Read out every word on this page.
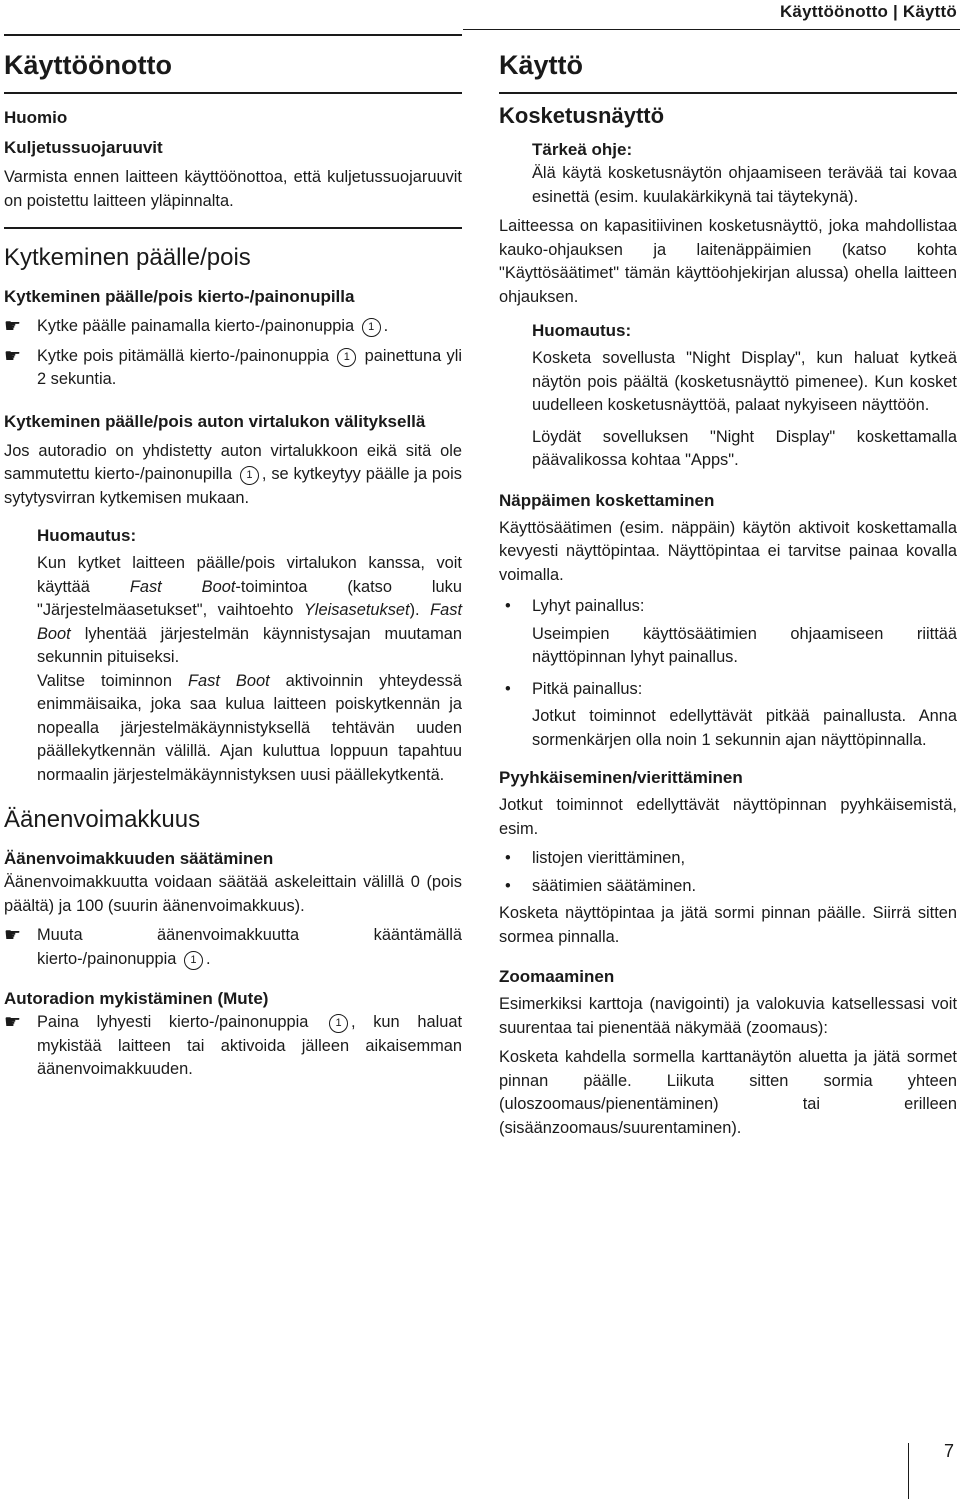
Käyttöönotto | Käyttö
Käyttöönotto
Huomio
Kuljetussuojaruuvit

Varmista ennen laitteen käyttöönottoa, että kuljetussuojaruuvit on poistettu laitteen yläpinnalta.

Kytkeminen päälle/pois
Kytkeminen päälle/pois kierto-/painonupilla

☛ Kytke päälle painamalla kierto-/painonuppia 1 .

☛ Kytke pois pitämällä kierto-/painonuppia 1 painettuna yli 2 sekuntia.

Kytkeminen päälle/pois auton virtalukon välityksellä

Jos autoradio on yhdistetty auton virtalukkoon eikä sitä ole sammutettu kierto-/painonupilla 1 , se kytkeytyy päälle ja pois sytytysvirran kytkemisen mukaan.

Huomautus:

Kun kytket laitteen päälle/pois virtalukon kanssa, voit käyttää Fast Boot-toimintoa (katso luku "Järjestelmäasetukset", vaihtoehto Yleisasetukset). Fast Boot lyhentää järjestelmän käynnistysajan muutaman sekunnin pituiseksi.

Valitse toiminnon Fast Boot aktivoinnin yhteydessä enimmäisaika, joka saa kulua laitteen poiskytkennän ja nopealla järjestelmäkäynnistyksellä tehtävän uuden päällekytkennän välillä. Ajan kuluttua loppuun tapahtuu normaalin järjestelmäkäynnistyksen uusi päällekytkentä.

Äänenvoimakkuus
Äänenvoimakkuuden säätäminen

Äänenvoimakkuutta voidaan säätää askeleittain välillä 0 (pois päältä) ja 100 (suurin äänenvoimakkuus).

☛ Muuta äänenvoimakkuutta kääntämällä kierto-/painonuppia 1 .

Autoradion mykistäminen (Mute)

☛ Paina lyhyesti kierto-/painonuppia 1 , kun haluat mykistää laitteen tai aktivoida jälleen aikaisemman äänenvoimakkuuden.

Käyttö
Kosketusnäyttö
Tärkeä ohje:

Älä käytä kosketusnäytön ohjaamiseen terävää tai kovaa esinettä (esim. kuulakärkikynä tai täytekynä).

Laitteessa on kapasitiivinen kosketusnäyttö, joka mahdollistaa kauko-ohjauksen ja laitenäppäimien (katso kohta "Käyttösäätimet" tämän käyttöohjekirjan alussa) ohella laitteen ohjauksen.

Huomautus:

Kosketa sovellusta "Night Display", kun haluat kytkeä näytön pois päältä (kosketusnäyttö pimenee). Kun kosket uudelleen kosketusnäyttöä, palaat nykyiseen näyttöön.

Löydät sovelluksen "Night Display" koskettamalla päävalikossa kohtaa "Apps".

Näppäimen koskettaminen

Käyttösäätimen (esim. näppäin) käytön aktivoit koskettamalla kevyesti näyttöpintaa. Näyttöpintaa ei tarvitse painaa kovalla voimalla.

• Lyhyt painallus:

Useimpien käyttösäätimien ohjaamiseen riittää näyttöpinnan lyhyt painallus.

• Pitkä painallus:

Jotkut toiminnot edellyttävät pitkää painallusta. Anna sormenkärjen olla noin 1 sekunnin ajan näyttöpinnalla.

Pyyhkäiseminen/vierittäminen

Jotkut toiminnot edellyttävät näyttöpinnan pyyhkäisemistä, esim.

• listojen vierittäminen,

• säätimien säätäminen.

Kosketa näyttöpintaa ja jätä sormi pinnan päälle. Siirrä sitten sormea pinnalla.

Zoomaaminen

Esimerkiksi karttoja (navigointi) ja valokuvia katsellessasi voit suurentaa tai pienentää näkymää (zoomaus):

Kosketa kahdella sormella karttanäytön aluetta ja jätä sormet pinnan päälle. Liikuta sitten sormia yhteen (uloszoomaus/pienentäminen) tai erilleen (sisäänzoomaus/suurentaminen).

7
